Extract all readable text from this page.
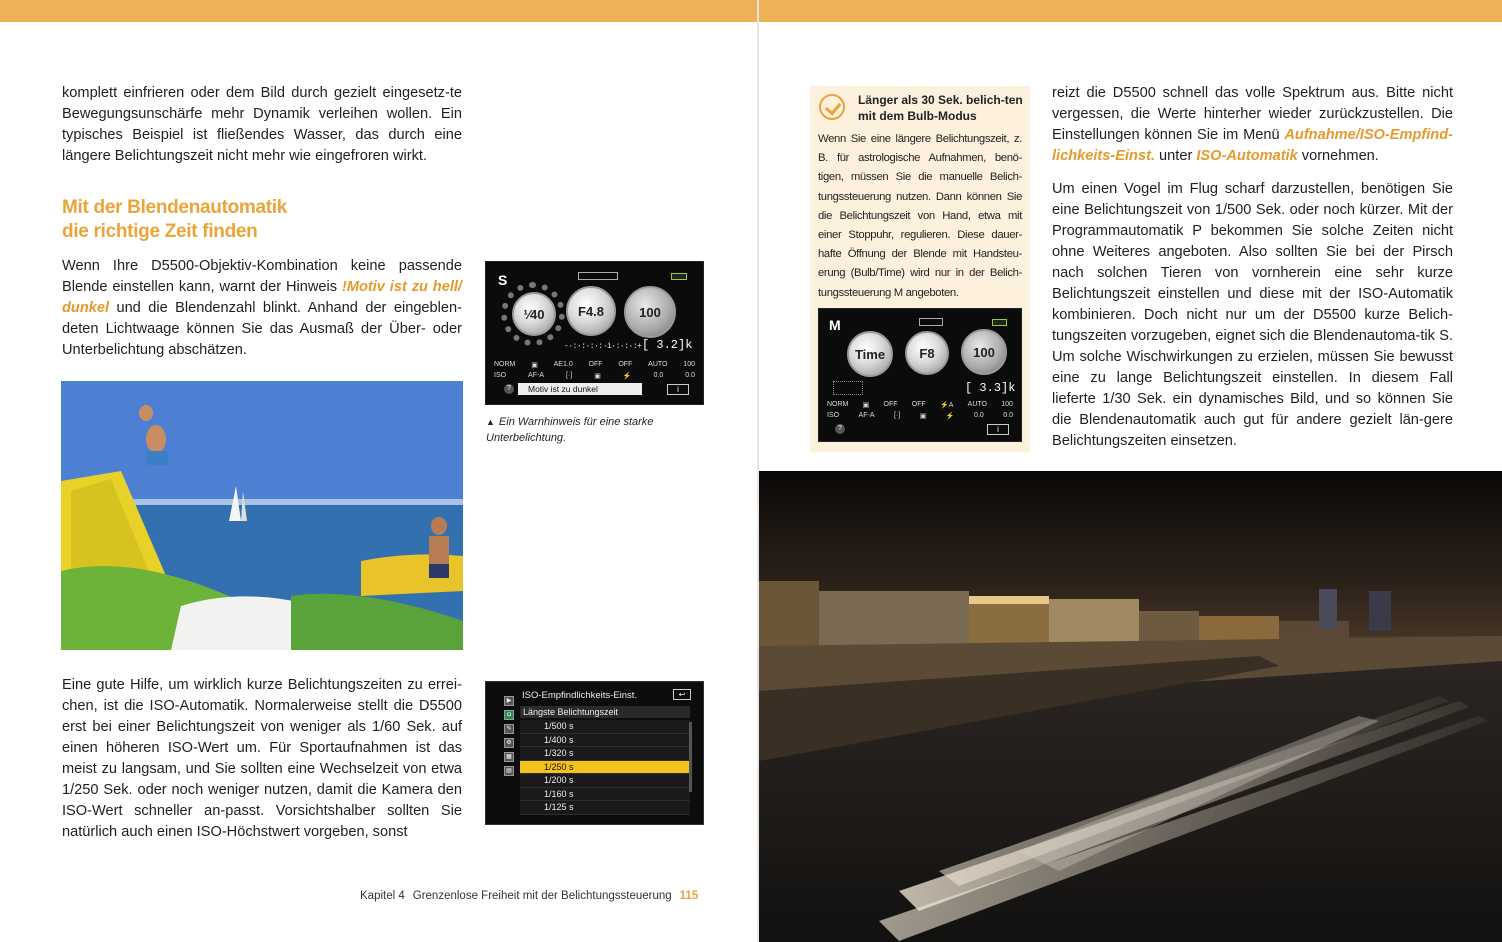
komplett einfrieren oder dem Bild durch gezielt eingesetz-te Bewegungsunschärfe mehr Dynamik verleihen wollen. Ein typisches Beispiel ist fließendes Wasser, das durch eine längere Belichtungszeit nicht mehr wie eingefroren wirkt.

Mit der Blendenautomatik
die richtige Zeit finden

Wenn Ihre D5500-Objektiv-Kombination keine passende Blende einstellen kann, warnt der Hinweis !Motiv ist zu hell/ dunkel und die Blendenzahl blinkt. Anhand der eingeblen-deten Lichtwaage können Sie das Ausmaß der Über- oder Unterbelichtung abschätzen.

S
¹⁄40	F4.8	100
-·:·:·:·:·i·:·:·:+ [ 3.2]k
NORM ▣ AE1.0 OFF OFF AUTO 100
ISO	AF-A	[·]	▣	⚡	0.0	0.0
?	Motiv ist zu dunkel	i

▲ Ein Warnhinweis für eine starke Unterbelichtung.

Eine gute Hilfe, um wirklich kurze Belichtungszeiten zu errei-chen, ist die ISO-Automatik. Normalerweise stellt die D5500 erst bei einer Belichtungszeit von weniger als 1/60 Sek. auf einen höheren ISO-Wert um. Für Sportaufnahmen ist das meist zu langsam, und Sie sollten eine Wechselzeit von etwa 1/250 Sek. oder noch weniger nutzen, damit die Kamera den ISO-Wert schneller an-passt. Vorsichtshalber sollten Sie natürlich auch einen ISO-Höchstwert vorgeben, sonst

▶
◘
✎
⚙
▦
▤
ISO-Empfindlichkeits-Einst.	↩
Längste Belichtungszeit
1/500 s
1/400 s
1/320 s
1/250 s
1/200 s
1/160 s
1/125 s
Kapitel 4 Grenzenlose Freiheit mit der Belichtungssteuerung 115
Länger als 30 Sek. belich-ten mit dem Bulb-Modus

Wenn Sie eine längere Belichtungszeit, z. B. für astrologische Aufnahmen, benö-tigen, müssen Sie die manuelle Belich-tungssteuerung nutzen. Dann können Sie die Belichtungszeit von Hand, etwa mit einer Stoppuhr, regulieren. Diese dauer-hafte Öffnung der Blende mit Handsteu-erung (Bulb/Time) wird nur in der Belich-tungssteuerung M angeboten.

M
Time	F8	100
[ 3.3]k
NORM ▣ OFF OFF ⚡A AUTO 100
ISO	AF-A	[·]	▣	⚡	0.0	0.0
?	i

reizt die D5500 schnell das volle Spektrum aus. Bitte nicht vergessen, die Werte hinterher wieder zurückzustellen. Die Einstellungen können Sie im Menü Aufnahme/ISO-Empfind-lichkeits-Einst. unter ISO-Automatik vornehmen.

Um einen Vogel im Flug scharf darzustellen, benötigen Sie eine Belichtungszeit von 1/500 Sek. oder noch kürzer. Mit der Programmautomatik P bekommen Sie solche Zeiten nicht ohne Weiteres angeboten. Also sollten Sie bei der Pirsch nach solchen Tieren von vornherein eine sehr kurze Belichtungszeit einstellen und diese mit der ISO-Automatik kombinieren. Doch nicht nur um der D5500 kurze Belich-tungszeiten vorzugeben, eignet sich die Blendenautoma-tik S. Um solche Wischwirkungen zu erzielen, müssen Sie bewusst eine zu lange Belichtungszeit einstellen. In diesem Fall lieferte 1/30 Sek. ein dynamisches Bild, und so können Sie die Blendenautomatik auch gut für andere gezielt län-gere Belichtungszeiten einsetzen.
